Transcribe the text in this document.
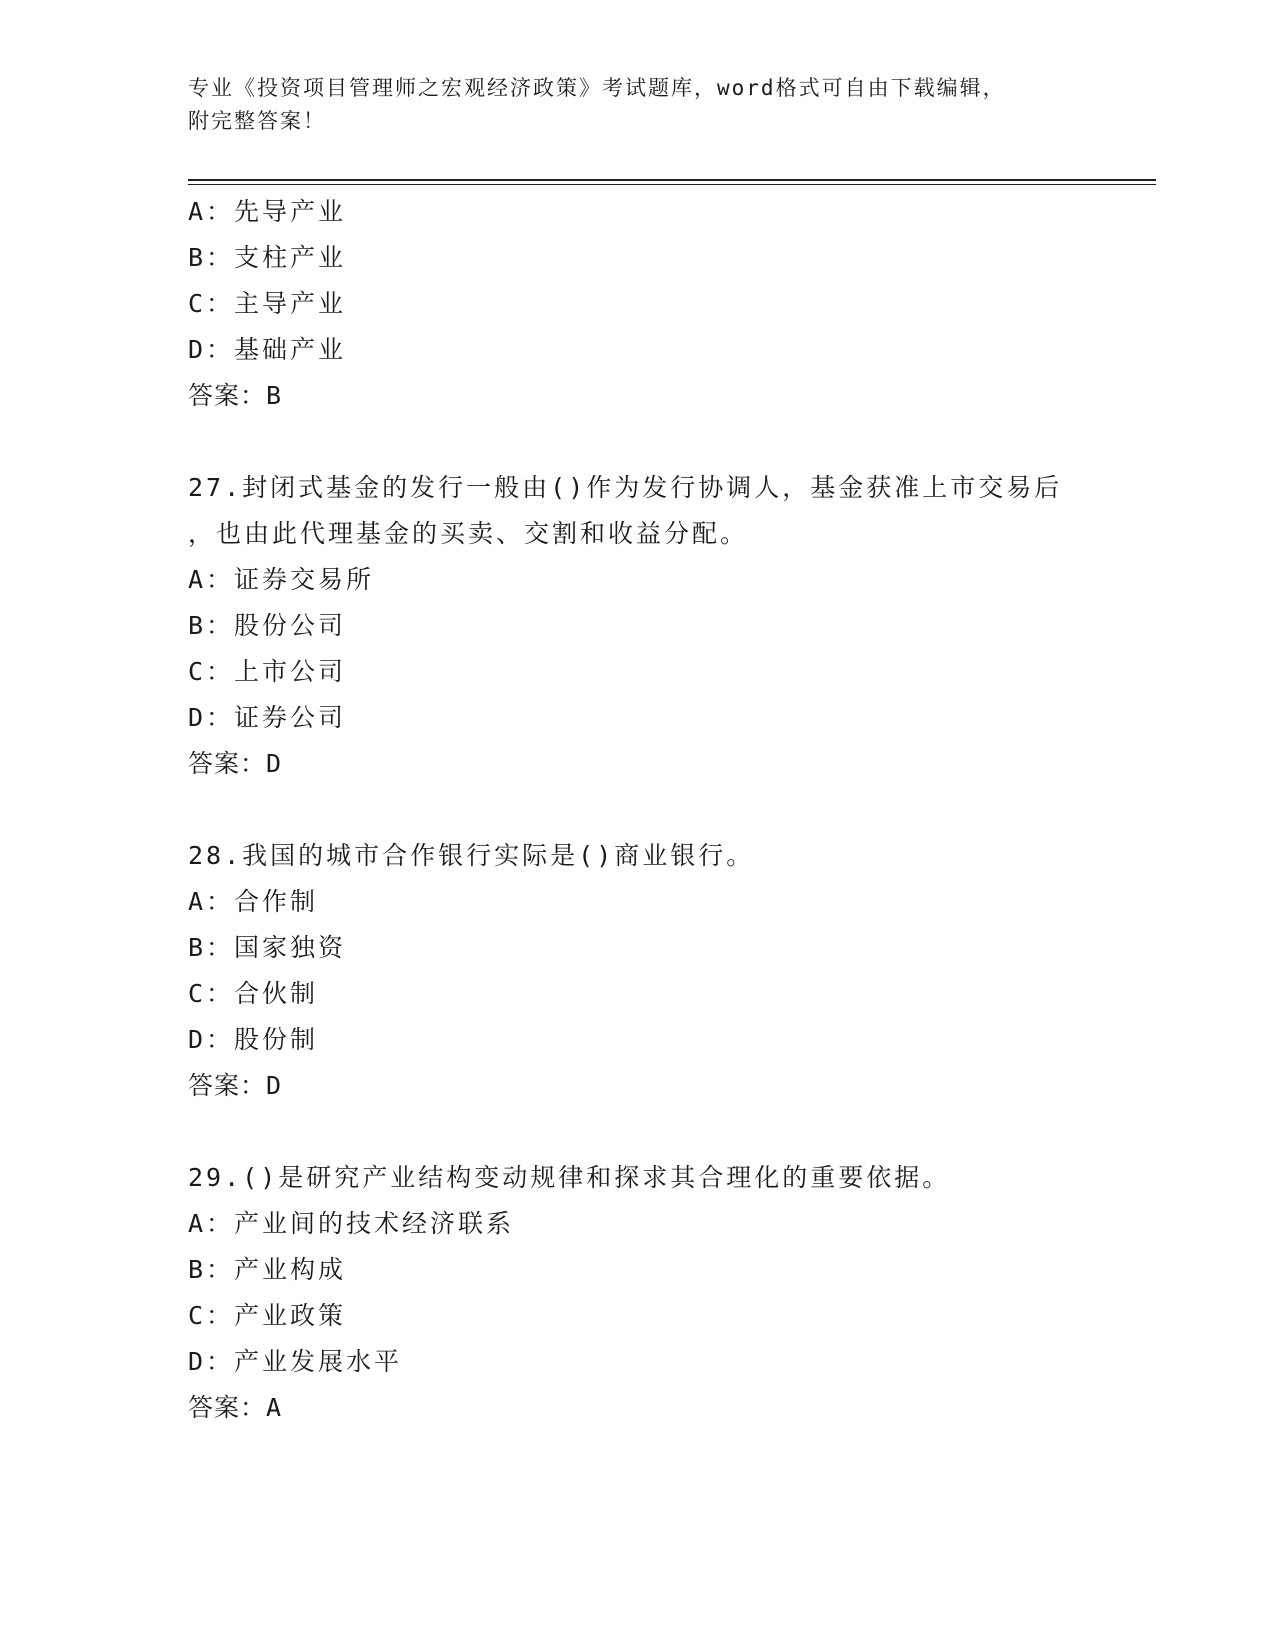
专业《投资项目管理师之宏观经济政策》考试题库，word格式可自由下载编辑，
附完整答案！
A：先导产业
B：支柱产业
C：主导产业
D：基础产业
答案：B
27.封闭式基金的发行一般由()作为发行协调人，基金获准上市交易后
，也由此代理基金的买卖、交割和收益分配。
A：证券交易所
B：股份公司
C：上市公司
D：证券公司
答案：D
28.我国的城市合作银行实际是()商业银行。
A：合作制
B：国家独资
C：合伙制
D：股份制
答案：D
29.()是研究产业结构变动规律和探求其合理化的重要依据。
A：产业间的技术经济联系
B：产业构成
C：产业政策
D：产业发展水平
答案：A
